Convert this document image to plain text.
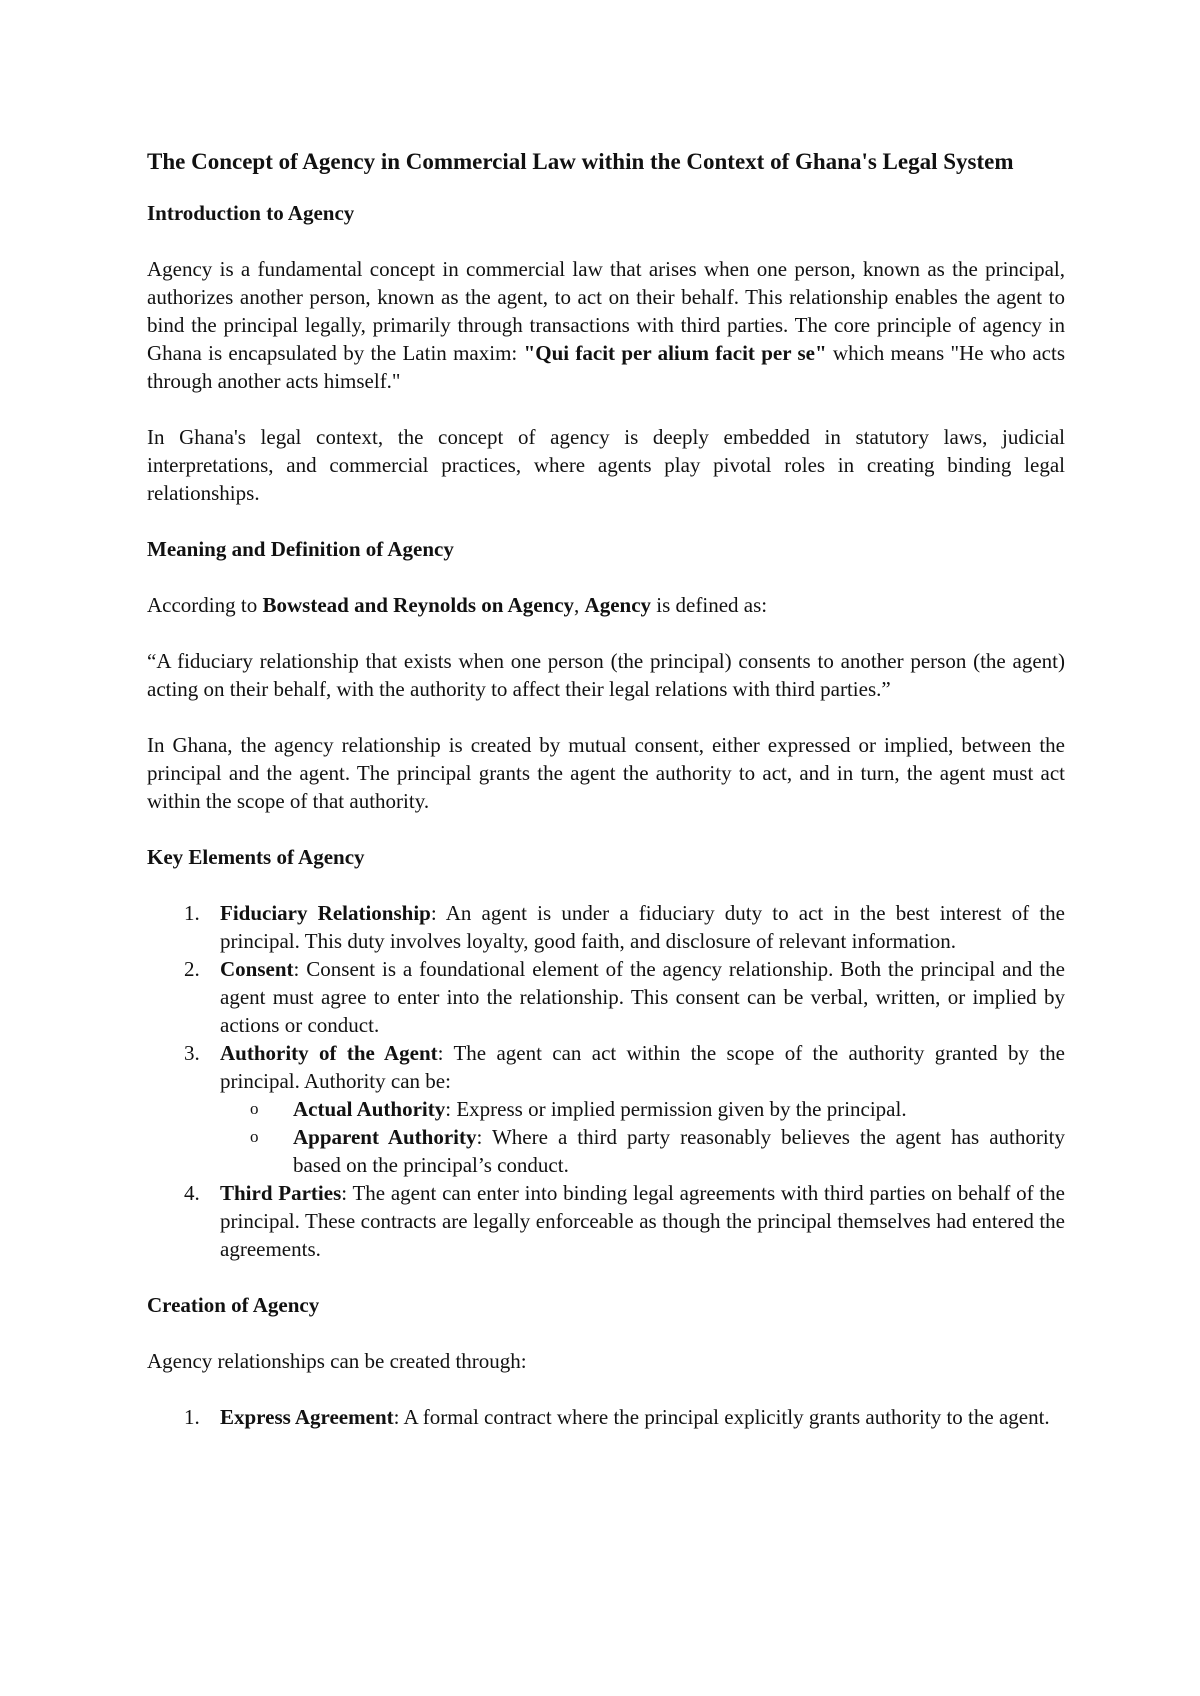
The Concept of Agency in Commercial Law within the Context of Ghana's Legal System
Introduction to Agency

Agency is a fundamental concept in commercial law that arises when one person, known as the principal, authorizes another person, known as the agent, to act on their behalf. This relationship enables the agent to bind the principal legally, primarily through transactions with third parties. The core principle of agency in Ghana is encapsulated by the Latin maxim: "Qui facit per alium facit per se" which means "He who acts through another acts himself."

In Ghana's legal context, the concept of agency is deeply embedded in statutory laws, judicial interpretations, and commercial practices, where agents play pivotal roles in creating binding legal relationships.

Meaning and Definition of Agency

According to Bowstead and Reynolds on Agency, Agency is defined as:

“A fiduciary relationship that exists when one person (the principal) consents to another person (the agent) acting on their behalf, with the authority to affect their legal relations with third parties.”

In Ghana, the agency relationship is created by mutual consent, either expressed or implied, between the principal and the agent. The principal grants the agent the authority to act, and in turn, the agent must act within the scope of that authority.

Key Elements of Agency
1. Fiduciary Relationship: An agent is under a fiduciary duty to act in the best interest of the principal. This duty involves loyalty, good faith, and disclosure of relevant information.
2. Consent: Consent is a foundational element of the agency relationship. Both the principal and the agent must agree to enter into the relationship. This consent can be verbal, written, or implied by actions or conduct.
3. Authority of the Agent: The agent can act within the scope of the authority granted by the principal. Authority can be:
o Actual Authority: Express or implied permission given by the principal.
o Apparent Authority: Where a third party reasonably believes the agent has authority based on the principal’s conduct.
4. Third Parties: The agent can enter into binding legal agreements with third parties on behalf of the principal. These contracts are legally enforceable as though the principal themselves had entered the agreements.
Creation of Agency

Agency relationships can be created through:

1. Express Agreement: A formal contract where the principal explicitly grants authority to the agent.
